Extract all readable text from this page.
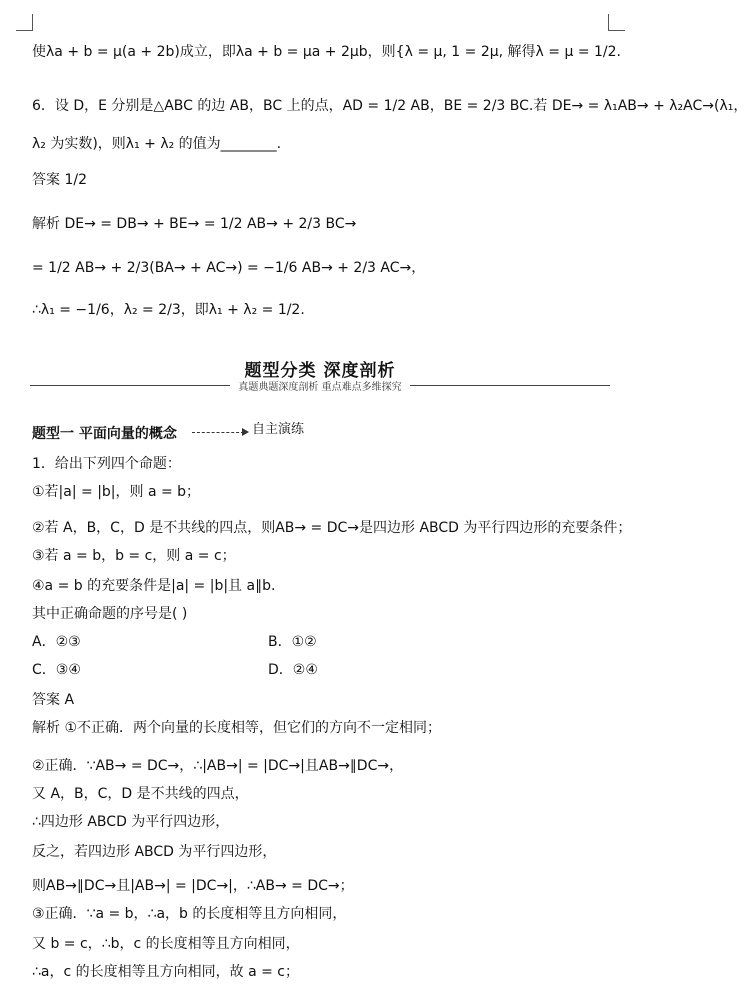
使λa + b = μ(a + 2b)成立，即λa + b = μa + 2μb，则{λ = μ, 1 = 2μ, 解得λ = μ = 1/2.
6．设 D，E 分别是△ABC 的边 AB，BC 上的点，AD = 1/2 AB，BE = 2/3 BC.若 DE→ = λ₁AB→ + λ₂AC→(λ₁，
λ₂ 为实数)，则λ₁ + λ₂ 的值为________.
答案 1/2
解析 DE→ = DB→ + BE→ = 1/2 AB→ + 2/3 BC→
= 1/2 AB→ + 2/3(BA→ + AC→) = −1/6 AB→ + 2/3 AC→，
∴λ₁ = −1/6，λ₂ = 2/3，即λ₁ + λ₂ = 1/2.
题型分类 深度剖析
真题典题深度剖析 重点难点多维探究
题型一 平面向量的概念	自主演练
1．给出下列四个命题：
①若|a| = |b|，则 a = b；
②若 A，B，C，D 是不共线的四点，则AB→ = DC→是四边形 ABCD 为平行四边形的充要条件；
③若 a = b，b = c，则 a = c；
④a = b 的充要条件是|a| = |b|且 a∥b.
其中正确命题的序号是( )
A．②③	B．①②
C．③④	D．②④
答案 A
解析 ①不正确．两个向量的长度相等，但它们的方向不一定相同；
②正确．∵AB→ = DC→，∴|AB→| = |DC→|且AB→∥DC→，
又 A，B，C，D 是不共线的四点，
∴四边形 ABCD 为平行四边形，
反之，若四边形 ABCD 为平行四边形，
则AB→∥DC→且|AB→| = |DC→|，∴AB→ = DC→；
③正确．∵a = b，∴a，b 的长度相等且方向相同，
又 b = c，∴b，c 的长度相等且方向相同，
∴a，c 的长度相等且方向相同，故 a = c；
